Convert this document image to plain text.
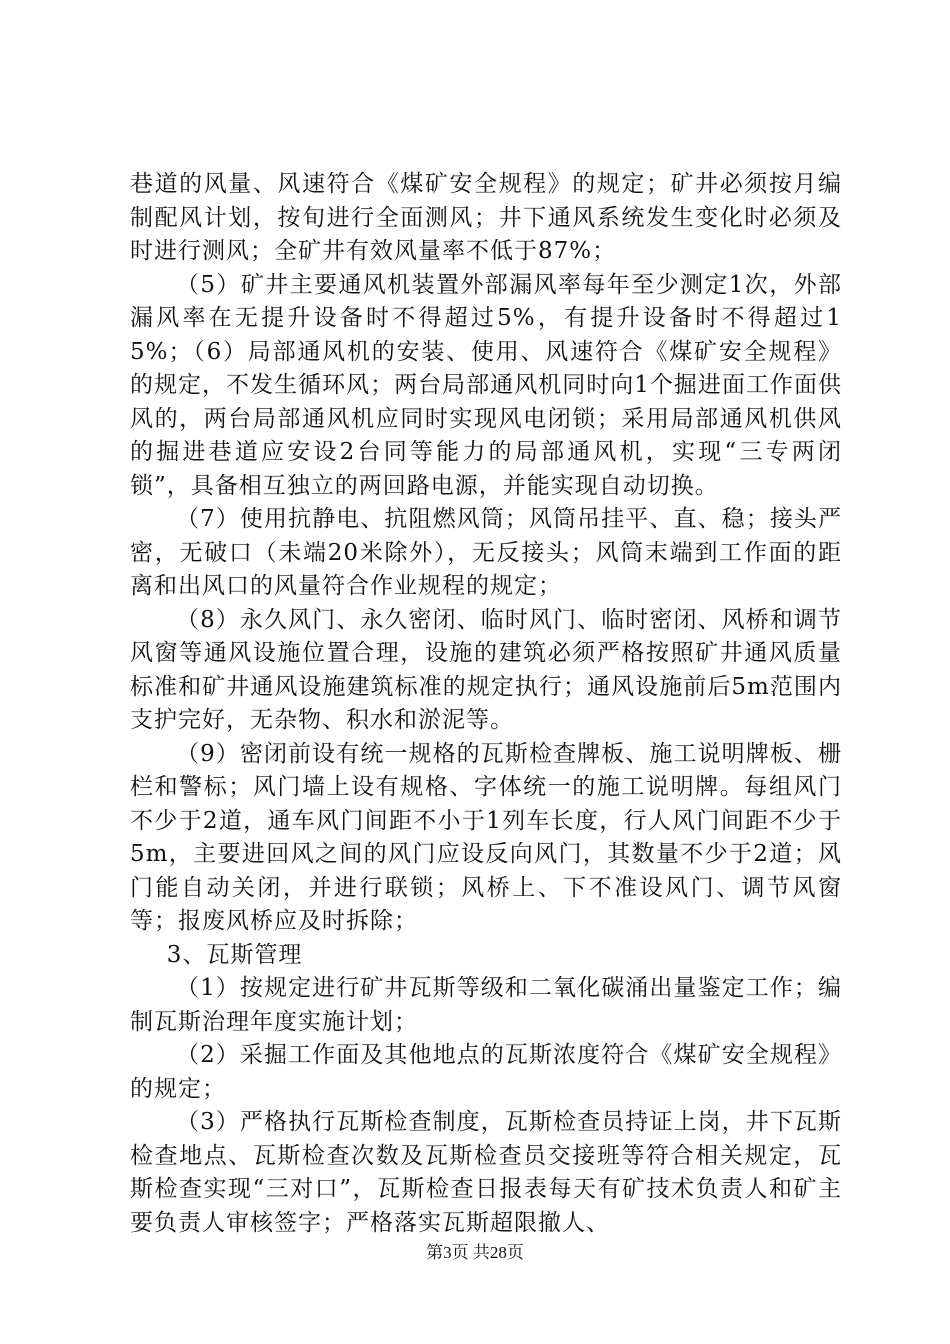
巷道的风量、风速符合《煤矿安全规程》的规定；矿井必须按月编制配风计划，按旬进行全面测风；井下通风系统发生变化时必须及时进行测风；全矿井有效风量率不低于87%；

（5）矿井主要通风机装置外部漏风率每年至少测定1次，外部漏风率在无提升设备时不得超过5%，有提升设备时不得超过15%；（6）局部通风机的安装、使用、风速符合《煤矿安全规程》的规定，不发生循环风；两台局部通风机同时向1个掘进面工作面供风的，两台局部通风机应同时实现风电闭锁；采用局部通风机供风的掘进巷道应安设2台同等能力的局部通风机，实现“三专两闭锁”，具备相互独立的两回路电源，并能实现自动切换。

（7）使用抗静电、抗阻燃风筒；风筒吊挂平、直、稳；接头严密，无破口（未端20米除外），无反接头；风筒末端到工作面的距离和出风口的风量符合作业规程的规定；

（8）永久风门、永久密闭、临时风门、临时密闭、风桥和调节风窗等通风设施位置合理，设施的建筑必须严格按照矿井通风质量标准和矿井通风设施建筑标准的规定执行；通风设施前后5m范围内支护完好，无杂物、积水和淤泥等。

（9）密闭前设有统一规格的瓦斯检查牌板、施工说明牌板、栅栏和警标；风门墙上设有规格、字体统一的施工说明牌。每组风门不少于2道，通车风门间距不小于1列车长度，行人风门间距不少于5m，主要进回风之间的风门应设反向风门，其数量不少于2道；风门能自动关闭，并进行联锁；风桥上、下不准设风门、调节风窗等；报废风桥应及时拆除；

3、瓦斯管理

（1）按规定进行矿井瓦斯等级和二氧化碳涌出量鉴定工作；编制瓦斯治理年度实施计划；

（2）采掘工作面及其他地点的瓦斯浓度符合《煤矿安全规程》的规定；

（3）严格执行瓦斯检查制度，瓦斯检查员持证上岗，井下瓦斯检查地点、瓦斯检查次数及瓦斯检查员交接班等符合相关规定，瓦斯检查实现“三对口”，瓦斯检查日报表每天有矿技术负责人和矿主要负责人审核签字；严格落实瓦斯超限撤人、

第3页 共28页
